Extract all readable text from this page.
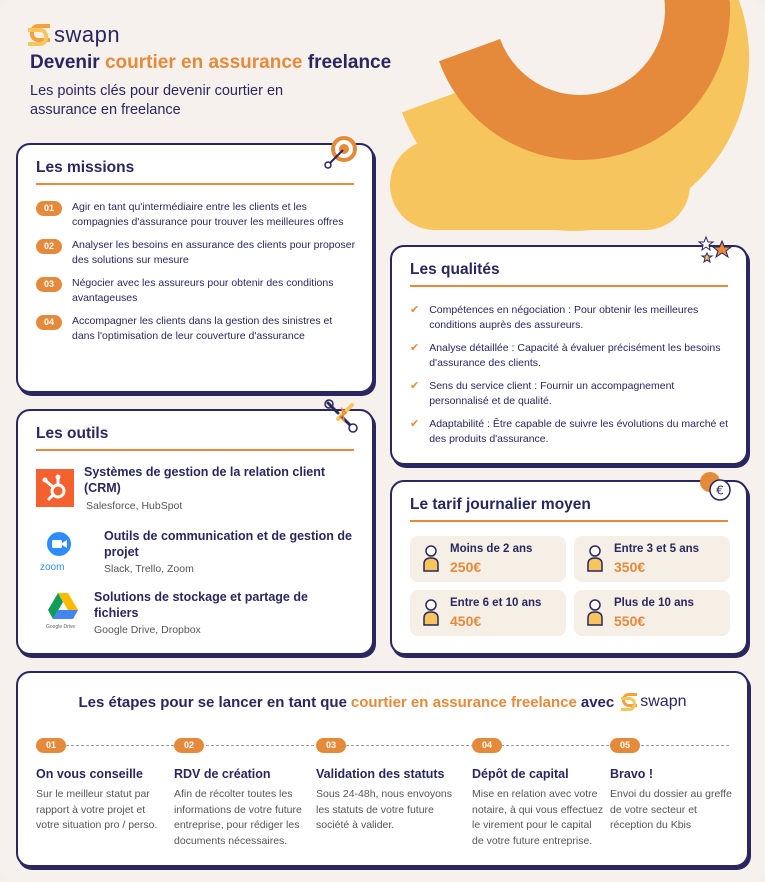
swapn
Devenir courtier en assurance freelance

Les points clés pour devenir courtier en assurance en freelance

Les missions
01	Agir en tant qu'intermédiaire entre les clients et les compagnies d'assurance pour trouver les meilleures offres
02	Analyser les besoins en assurance des clients pour proposer des solutions sur mesure
03	Négocier avec les assureurs pour obtenir des conditions avantageuses
04	Accompagner les clients dans la gestion des sinistres et dans l'optimisation de leur couverture d'assurance
Les qualités
✔ Compétences en négociation : Pour obtenir les meilleures conditions auprès des assureurs.
✔ Analyse détaillée : Capacité à évaluer précisément les besoins d'assurance des clients.
✔ Sens du service client : Fournir un accompagnement personnalisé et de qualité.
✔ Adaptabilité : Être capable de suivre les évolutions du marché et des produits d'assurance.
Les outils
Systèmes de gestion de la relation client (CRM)
Salesforce, HubSpot
zoom
Outils de communication et de gestion de projet
Slack, Trello, Zoom
Google Drive
Solutions de stockage et partage de fichiers
Google Drive, Dropbox
€
Le tarif journalier moyen
Moins de 2 ans
250€
Entre 3 et 5 ans
350€
Entre 6 et 10 ans
450€
Plus de 10 ans
550€
Les étapes pour se lancer en tant que courtier en assurance freelance avec swapn
01
On vous conseille
Sur le meilleur statut par rapport à votre projet et votre situation pro / perso.
02
RDV de création
Afin de récolter toutes les informations de votre future entreprise, pour rédiger les documents nécessaires.
03
Validation des statuts
Sous 24-48h, nous envoyons les statuts de votre future société à valider.
04
Dépôt de capital
Mise en relation avec votre notaire, à qui vous effectuez le virement pour le capital de votre future entreprise.
05
Bravo !
Envoi du dossier au greffe de votre secteur et réception du Kbis
